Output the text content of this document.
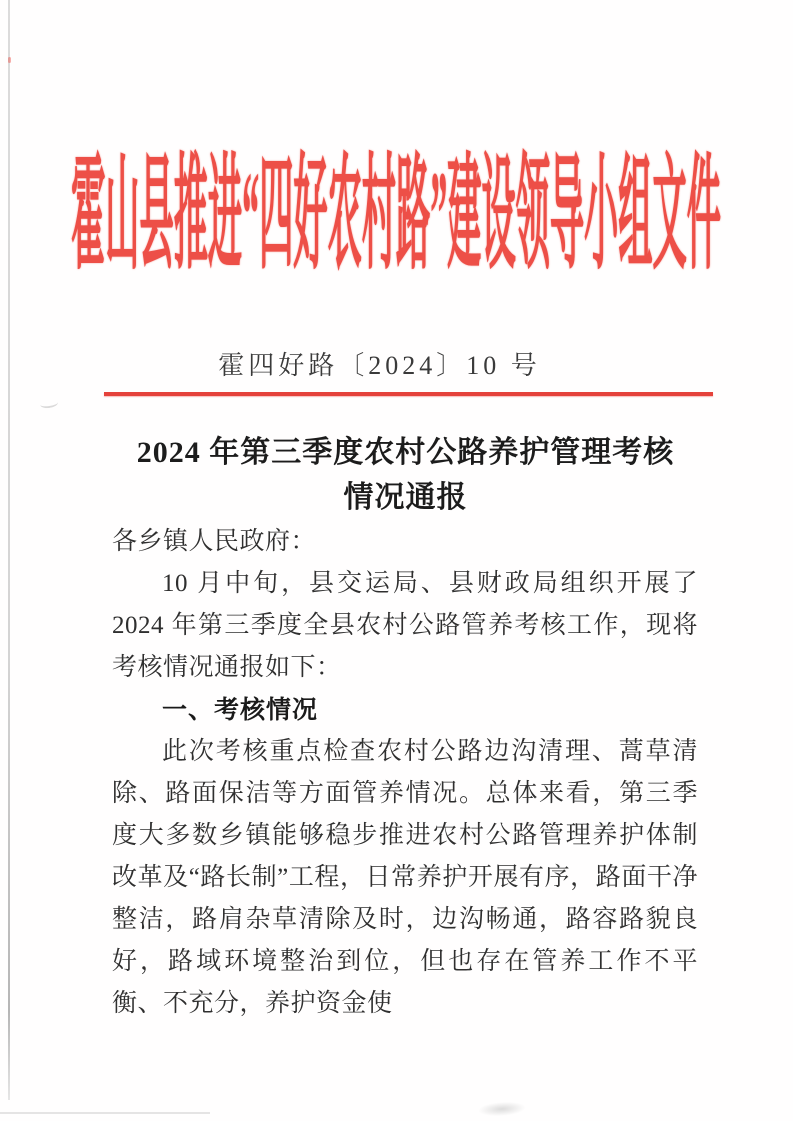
霍山县推进“四好农村路”建设领导小组文件
霍四好路〔2024〕10 号
2024 年第三季度农村公路养护管理考核
情况通报

各乡镇人民政府：

10 月中旬，县交运局、县财政局组织开展了 2024 年第三季度全县农村公路管养考核工作，现将考核情况通报如下：

一、考核情况

此次考核重点检查农村公路边沟清理、蒿草清除、路面保洁等方面管养情况。总体来看，第三季度大多数乡镇能够稳步推进农村公路管理养护体制改革及“路长制”工程，日常养护开展有序，路面干净整洁，路肩杂草清除及时，边沟畅通，路容路貌良好，路域环境整治到位，但也存在管养工作不平衡、不充分，养护资金使
